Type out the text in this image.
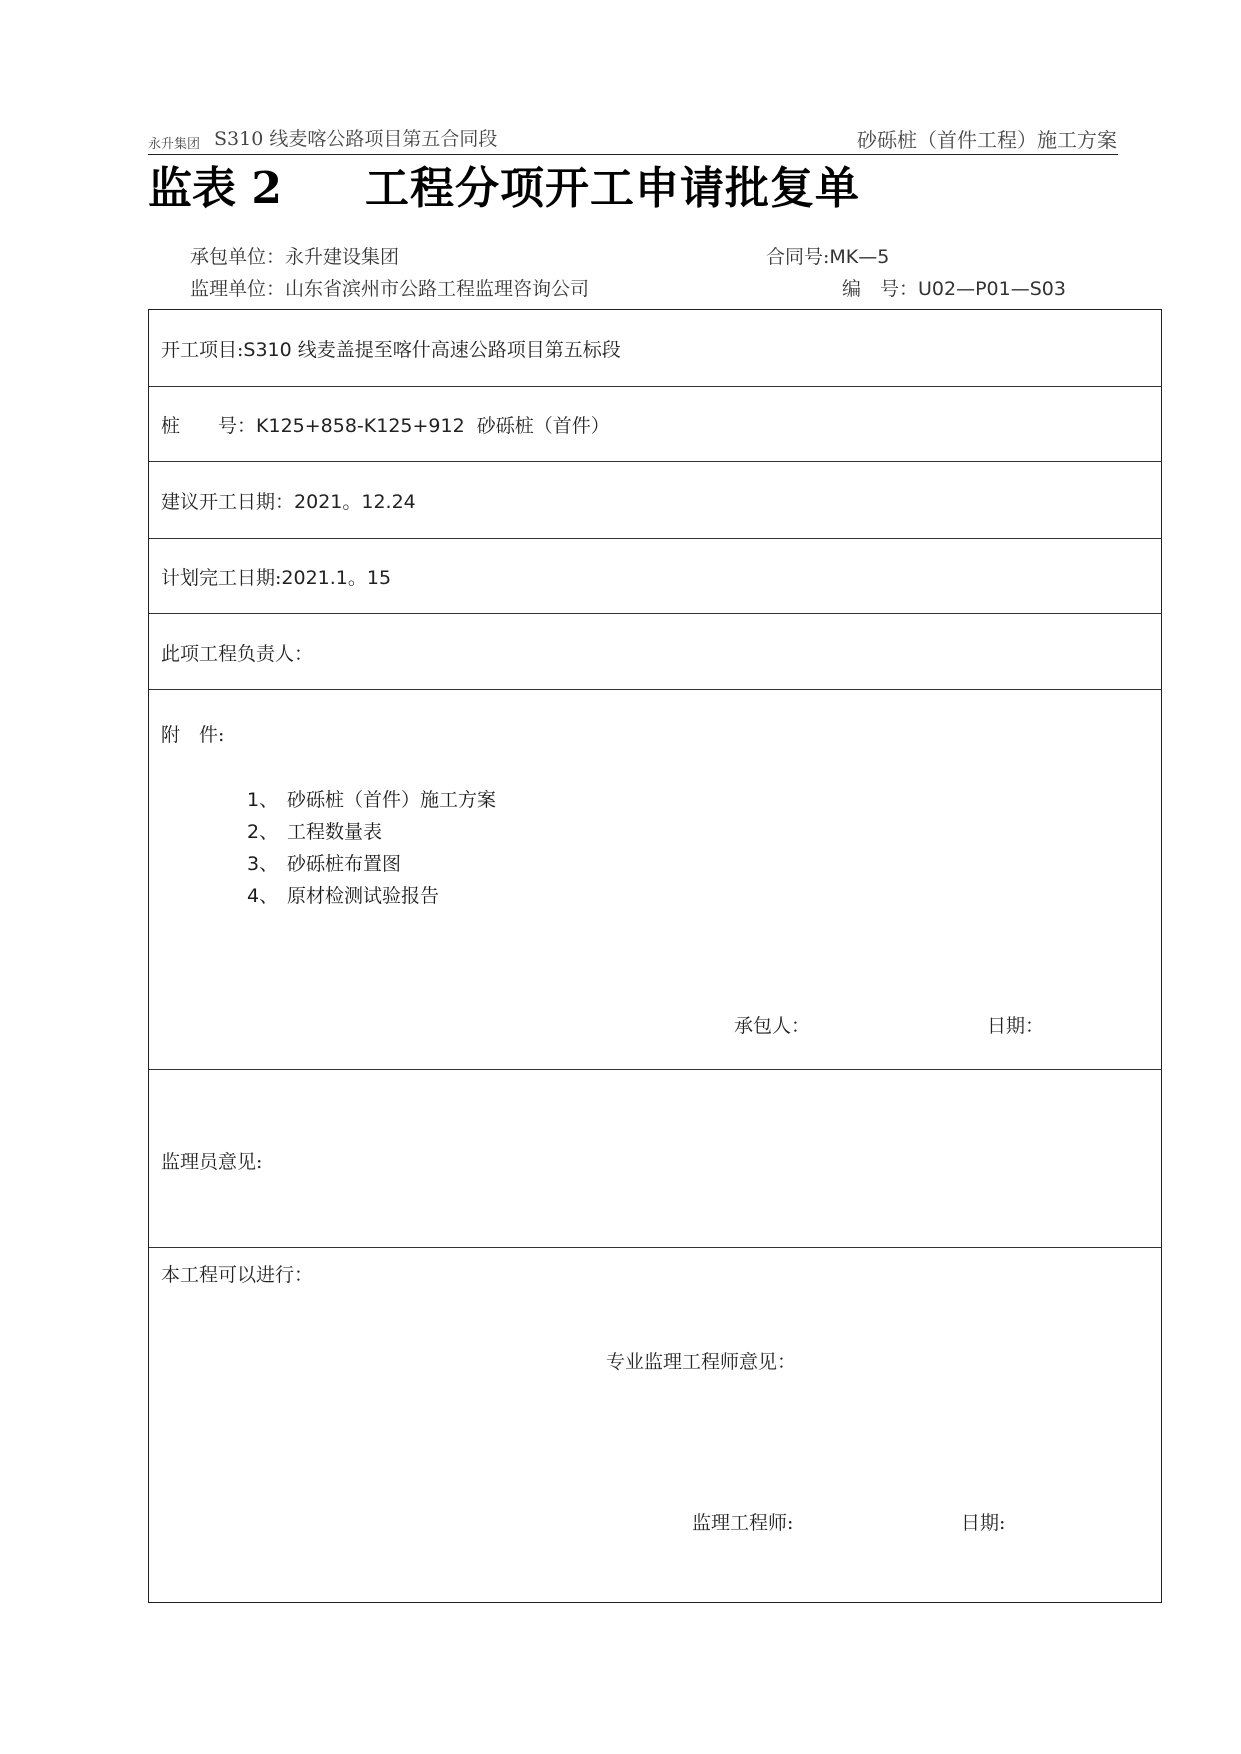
永升集团 S310 线麦喀公路项目第五合同段	砂砾桩（首件工程）施工方案
监表 2 工程分项开工申请批复单
承包单位：永升建设集团	合同号:MK—5
监理单位：山东省滨州市公路工程监理咨询公司	编　号：U02—P01—S03
开工项目:S310 线麦盖提至喀什高速公路项目第五标段
桩　　号：K125+858-K125+912 砂砾桩（首件）
建议开工日期：2021。12.24
计划完工日期:2021.1。15
此项工程负责人：
附　件:
1、 砂砾桩（首件）施工方案
2、 工程数量表
3、 砂砾桩布置图
4、 原材检测试验报告
承包人：	日期：
监理员意见:
本工程可以进行：
专业监理工程师意见：
监理工程师:	日期:
